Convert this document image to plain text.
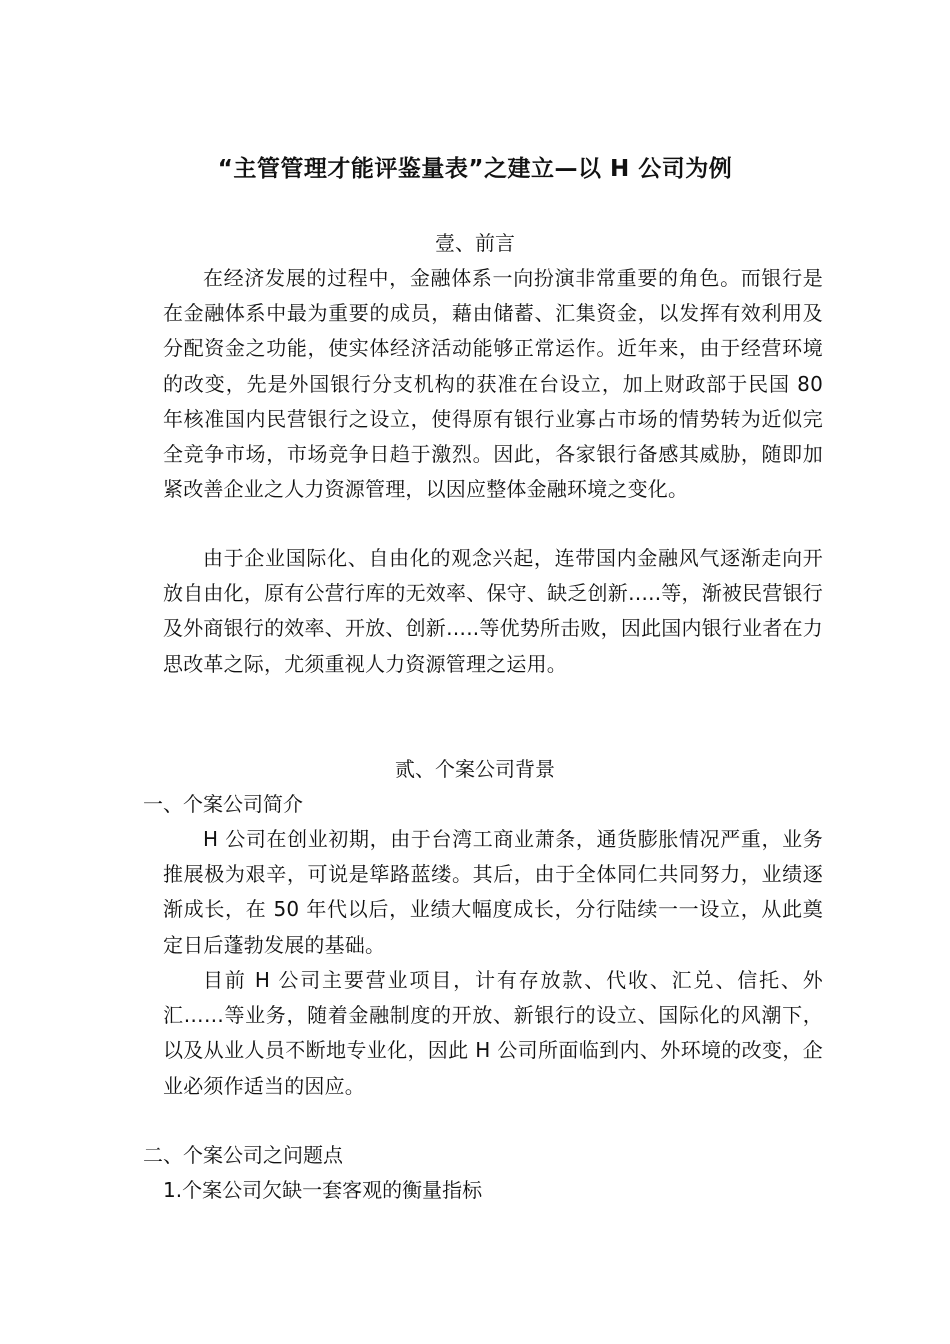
“主管管理才能评鉴量表”之建立—以 H 公司为例
壹、前言
在经济发展的过程中，金融体系一向扮演非常重要的角色。而银行是在金融体系中最为重要的成员，藉由储蓄、汇集资金，以发挥有效利用及分配资金之功能，使实体经济活动能够正常运作。近年来，由于经营环境的改变，先是外国银行分支机构的获准在台设立，加上财政部于民国 80 年核准国内民营银行之设立，使得原有银行业寡占市场的情势转为近似完全竞争市场，市场竞争日趋于激烈。因此，各家银行备感其威胁，随即加紧改善企业之人力资源管理，以因应整体金融环境之变化。
由于企业国际化、自由化的观念兴起，连带国内金融风气逐渐走向开放自由化，原有公营行库的无效率、保守、缺乏创新…..等，渐被民营银行及外商银行的效率、开放、创新…..等优势所击败，因此国内银行业者在力思改革之际，尤须重视人力资源管理之运用。
贰、个案公司背景
一、个案公司简介
H 公司在创业初期，由于台湾工商业萧条，通货膨胀情况严重，业务推展极为艰辛，可说是筚路蓝缕。其后，由于全体同仁共同努力，业绩逐渐成长，在 50 年代以后，业绩大幅度成长，分行陆续一一设立，从此奠定日后蓬勃发展的基础。
目前 H 公司主要营业项目，计有存放款、代收、汇兑、信托、外汇……等业务，随着金融制度的开放、新银行的设立、国际化的风潮下，以及从业人员不断地专业化，因此 H 公司所面临到内、外环境的改变，企业必须作适当的因应。
二、个案公司之问题点
1.个案公司欠缺一套客观的衡量指标
